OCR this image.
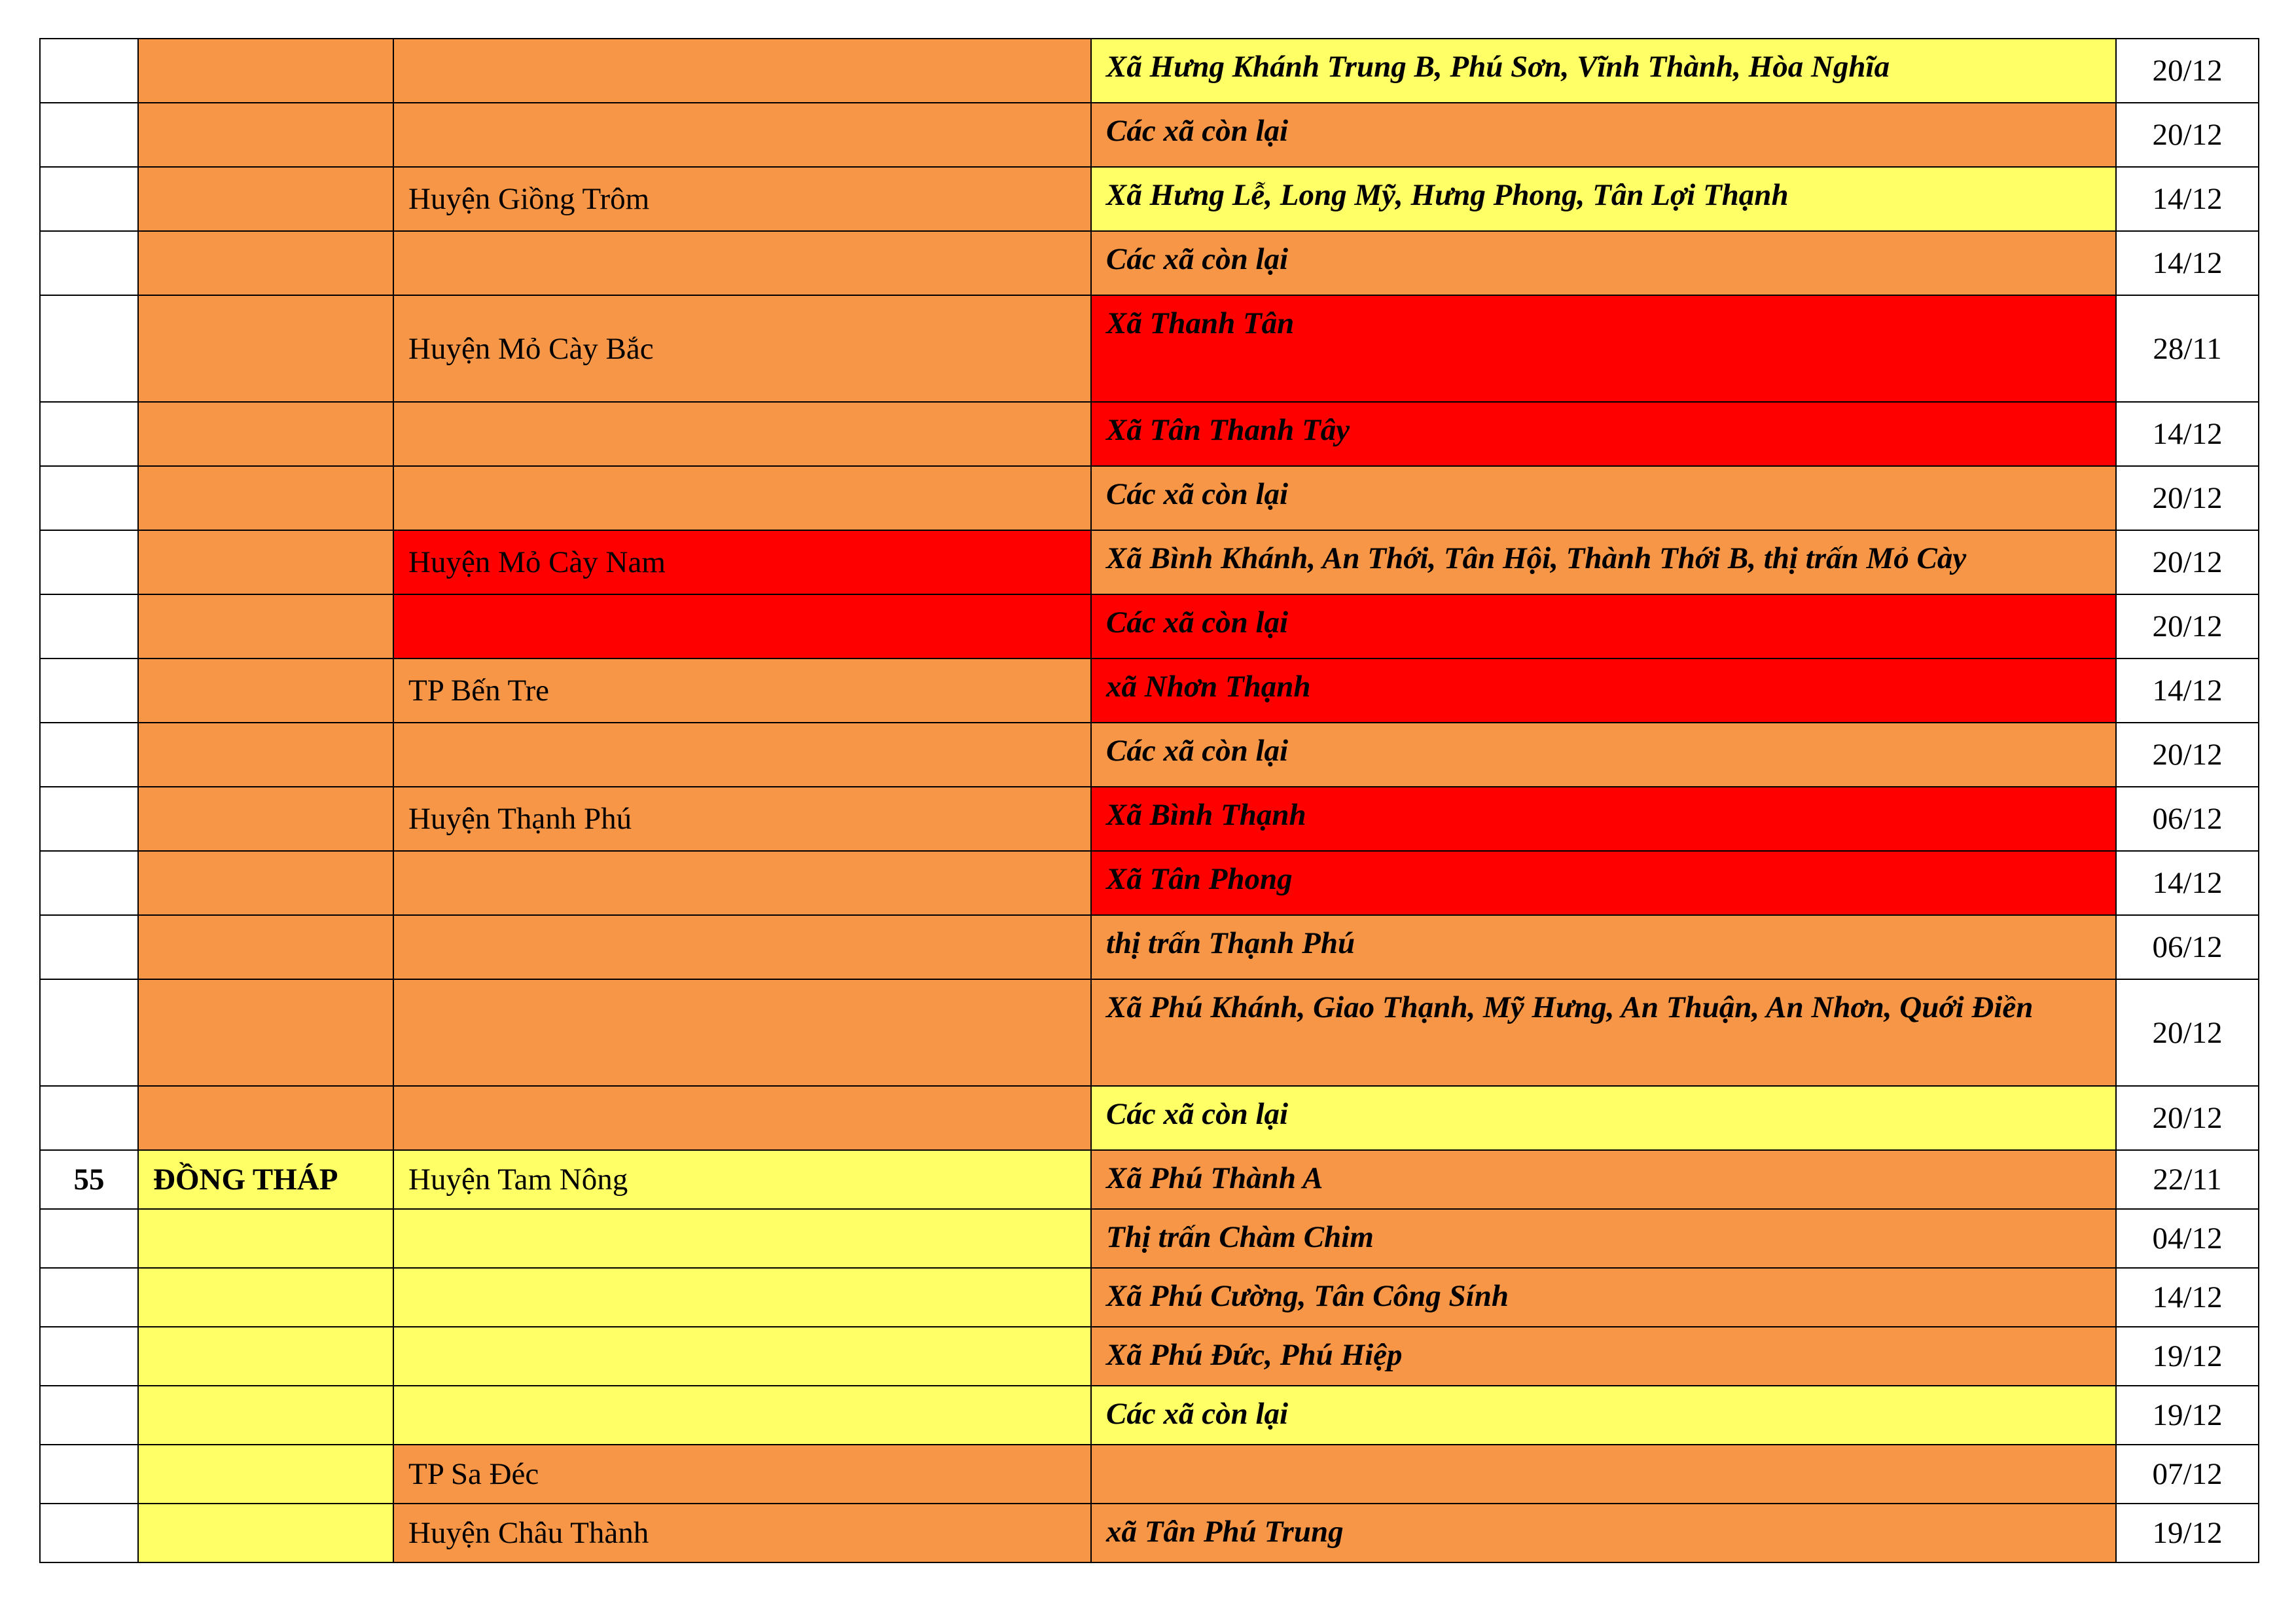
			Xã Hưng Khánh Trung B, Phú Sơn, Vĩnh Thành, Hòa Nghĩa	20/12
			Các xã còn lại	20/12
		Huyện Giồng Trôm	Xã Hưng Lễ, Long Mỹ, Hưng Phong, Tân Lợi Thạnh	14/12
			Các xã còn lại	14/12
		Huyện Mỏ Cày Bắc	Xã Thanh Tân	28/11
			Xã Tân Thanh Tây	14/12
			Các xã còn lại	20/12
		Huyện Mỏ Cày Nam	Xã Bình Khánh, An Thới, Tân Hội, Thành Thới B, thị trấn Mỏ Cày	20/12
			Các xã còn lại	20/12
		TP Bến Tre	xã Nhơn Thạnh	14/12
			Các xã còn lại	20/12
		Huyện Thạnh Phú	Xã Bình Thạnh	06/12
			Xã Tân Phong	14/12
			thị trấn Thạnh Phú	06/12
			Xã Phú Khánh, Giao Thạnh, Mỹ Hưng, An Thuận, An Nhơn, Quới Điền	20/12
			Các xã còn lại	20/12
55	ĐỒNG THÁP	Huyện Tam Nông	Xã Phú Thành A	22/11
			Thị trấn Chàm Chim	04/12
			Xã Phú Cường, Tân Công Sính	14/12
			Xã Phú Đức, Phú Hiệp	19/12
			Các xã còn lại	19/12
		TP Sa Đéc		07/12
		Huyện Châu Thành	xã Tân Phú Trung	19/12
